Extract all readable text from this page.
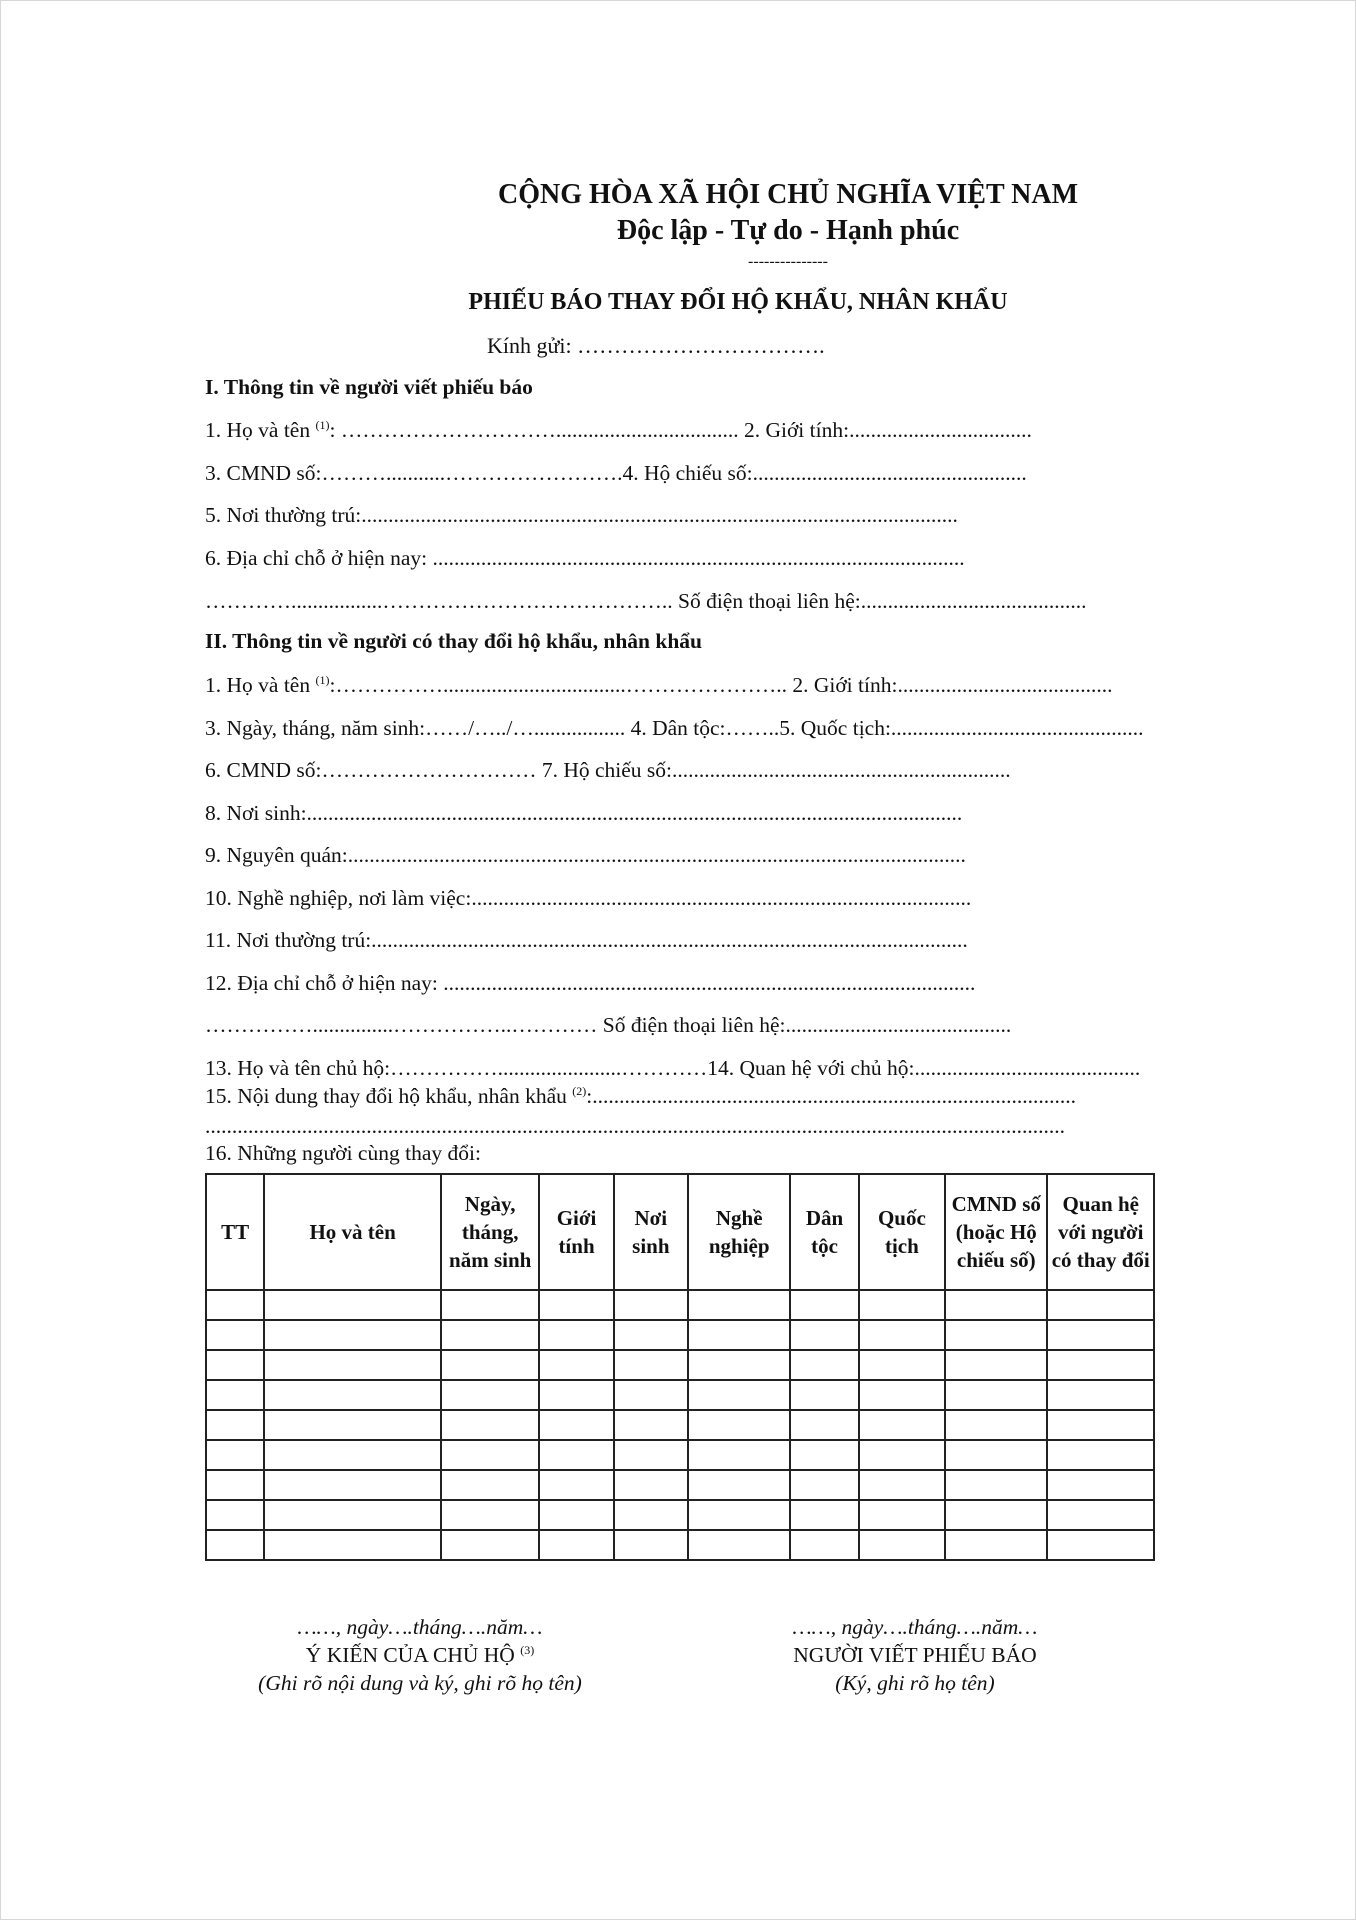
CỘNG HÒA XÃ HỘI CHỦ NGHĨA VIỆT NAM
Độc lập - Tự do - Hạnh phúc
---------------
PHIẾU BÁO THAY ĐỔI HỘ KHẨU, NHÂN KHẨU
Kính gửi: …………………………….
I. Thông tin về người viết phiếu báo
1. Họ và tên $^{(1)}$: ………………………….................................. 2. Giới tính:..................................
3. CMND số:………...........…………………….4. Hộ chiếu số:...................................................
5. Nơi thường trú:...............................................................................................................
6. Địa chỉ chỗ ở hiện nay: ...................................................................................................
………….................………………………………….. Số điện thoại liên hệ:..........................................
II. Thông tin về người có thay đổi hộ khẩu, nhân khẩu
1. Họ và tên $^{(1)}$:……………..................................………………….. 2. Giới tính:........................................
3. Ngày, tháng, năm sinh:……/…../…................. 4. Dân tộc:……..5. Quốc tịch:...............................................
6. CMND số:………………………… 7. Hộ chiếu số:...............................................................
8. Nơi sinh:..........................................................................................................................
9. Nguyên quán:...................................................................................................................
10. Nghề nghiệp, nơi làm việc:.............................................................................................
11. Nơi thường trú:...............................................................................................................
12. Địa chỉ chỗ ở hiện nay: ...................................................................................................
……………...............……………..………… Số điện thoại liên hệ:..........................................
13. Họ và tên chủ hộ:…………….......................…………14. Quan hệ với chủ hộ:..........................................
15. Nội dung thay đổi hộ khẩu, nhân khẩu $^{(2)}$:..........................................................................................
................................................................................................................................................................
16. Những người cùng thay đổi:
TT	Họ và tên	Ngày, tháng, năm sinh	Giới tính	Nơi sinh	Nghề nghiệp	Dân tộc	Quốc tịch	CMND số (hoặc Hộ chiếu số)	Quan hệ với người có thay đổi

……, ngày….tháng….năm…
Ý KIẾN CỦA CHỦ HỘ $^{(3)}$
(Ghi rõ nội dung và ký, ghi rõ họ tên)
……, ngày….tháng….năm…
NGƯỜI VIẾT PHIẾU BÁO
(Ký, ghi rõ họ tên)
